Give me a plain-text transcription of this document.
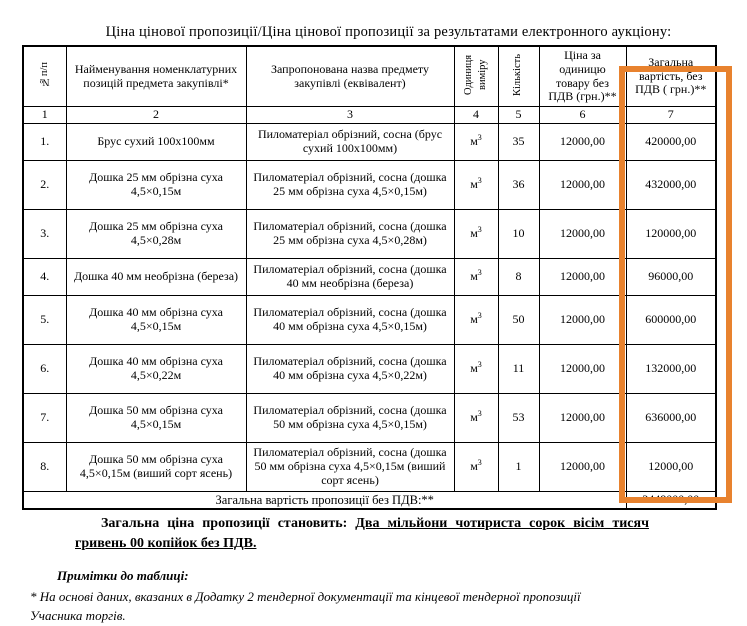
Ціна цінової пропозиції/Ціна цінової пропозиції за результатами електронного аукціону:
№п/п	Найменування номенклатурних позицій предмета закупівлі*	Запропонована назва предмету закупівлі (еквівалент)	Одиниця виміру	Кількість	Ціна за одиницю товару без ПДВ (грн.)**	Загальна вартість, без ПДВ ( грн.)**
1	2	3	4	5	6	7
1.	Брус сухий 100х100мм	Пиломатеріал обрізний, сосна (брус сухий 100х100мм)	$м^3$	35	12000,00	420000,00
2.	Дошка 25 мм обрізна суха 4,5×0,15м	Пиломатеріал обрізний, сосна (дошка 25 мм обрізна суха 4,5×0,15м)	$м^3$	36	12000,00	432000,00
3.	Дошка 25 мм обрізна суха 4,5×0,28м	Пиломатеріал обрізний, сосна (дошка 25 мм обрізна суха 4,5×0,28м)	$м^3$	10	12000,00	120000,00
4.	Дошка 40 мм необрізна (береза)	Пиломатеріал обрізний, сосна (дошка 40 мм необрізна (береза)	$м^3$	8	12000,00	96000,00
5.	Дошка 40 мм обрізна суха 4,5×0,15м	Пиломатеріал обрізний, сосна (дошка 40 мм обрізна суха 4,5×0,15м)	$м^3$	50	12000,00	600000,00
6.	Дошка 40 мм обрізна суха 4,5×0,22м	Пиломатеріал обрізний, сосна (дошка 40 мм обрізна суха 4,5×0,22м)	$м^3$	11	12000,00	132000,00
7.	Дошка 50 мм обрізна суха 4,5×0,15м	Пиломатеріал обрізний, сосна (дошка 50 мм обрізна суха 4,5×0,15м)	$м^3$	53	12000,00	636000,00
8.	Дошка 50 мм обрізна суха 4,5×0,15м (виший сорт ясень)	Пиломатеріал обрізний, сосна (дошка 50 мм обрізна суха 4,5×0,15м (виший сорт ясень)	$м^3$	1	12000,00	12000,00
Загальна вартість пропозиції без ПДВ:**						2448000,00

Загальна ціна пропозиції становить: Два мільйони чотириста сорок вісім тисяч гривень 00 копійок без ПДВ.

Примітки до таблиці:
* На основі даних, вказаних в Додатку 2 тендерної документації та кінцевої тендерної пропозиції Учасника торгів.
